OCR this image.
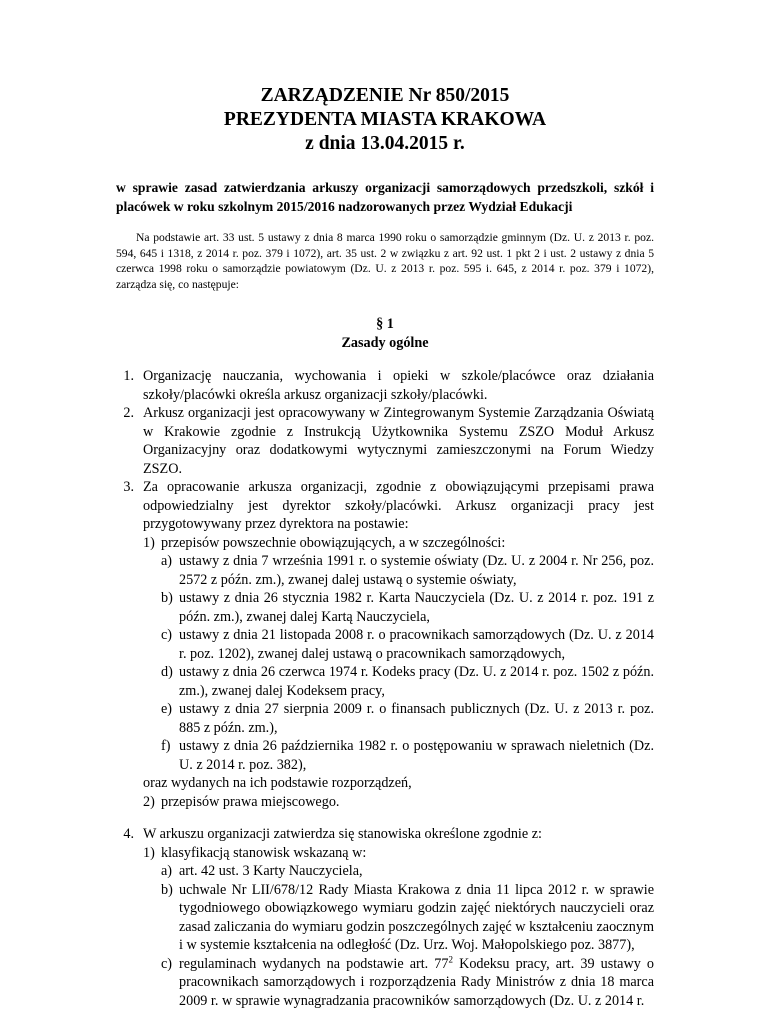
ZARZĄDZENIE Nr 850/2015
PREZYDENTA MIASTA KRAKOWA
z dnia 13.04.2015 r.

w sprawie zasad zatwierdzania arkuszy organizacji samorządowych przedszkoli, szkół i placówek w roku szkolnym 2015/2016 nadzorowanych przez Wydział Edukacji
Na podstawie art. 33 ust. 5 ustawy z dnia 8 marca 1990 roku o samorządzie gminnym (Dz. U. z 2013 r. poz. 594, 645 i 1318, z 2014 r. poz. 379 i 1072), art. 35 ust. 2 w związku z art. 92 ust. 1 pkt 2 i ust. 2 ustawy z dnia 5 czerwca 1998 roku o samorządzie powiatowym (Dz. U. z 2013 r. poz. 595 i. 645, z 2014 r. poz. 379 i 1072), zarządza się, co następuje:
§ 1
Zasady ogólne
1. Organizację nauczania, wychowania i opieki w szkole/placówce oraz działania szkoły/placówki określa arkusz organizacji szkoły/placówki.
2. Arkusz organizacji jest opracowywany w Zintegrowanym Systemie Zarządzania Oświatą w Krakowie zgodnie z Instrukcją Użytkownika Systemu ZSZO Moduł Arkusz Organizacyjny oraz dodatkowymi wytycznymi zamieszczonymi na Forum Wiedzy ZSZO.
3. Za opracowanie arkusza organizacji, zgodnie z obowiązującymi przepisami prawa odpowiedzialny jest dyrektor szkoły/placówki. Arkusz organizacji pracy jest przygotowywany przez dyrektora na postawie:
1) przepisów powszechnie obowiązujących, a w szczególności:
a) ustawy z dnia 7 września 1991 r. o systemie oświaty (Dz. U. z 2004 r. Nr 256, poz. 2572 z późn. zm.), zwanej dalej ustawą o systemie oświaty,
b) ustawy z dnia 26 stycznia 1982 r. Karta Nauczyciela (Dz. U. z 2014 r. poz. 191 z późn. zm.), zwanej dalej Kartą Nauczyciela,
c) ustawy z dnia 21 listopada 2008 r. o pracownikach samorządowych (Dz. U. z 2014 r. poz. 1202), zwanej dalej ustawą o pracownikach samorządowych,
d) ustawy z dnia 26 czerwca 1974 r. Kodeks pracy (Dz. U. z 2014 r. poz. 1502 z późn. zm.), zwanej dalej Kodeksem pracy,
e) ustawy z dnia 27 sierpnia 2009 r. o finansach publicznych (Dz. U. z 2013 r. poz. 885 z późn. zm.),
f) ustawy z dnia 26 października 1982 r. o postępowaniu w sprawach nieletnich (Dz. U. z 2014 r. poz. 382),
oraz wydanych na ich podstawie rozporządzeń,
2) przepisów prawa miejscowego.
4. W arkuszu organizacji zatwierdza się stanowiska określone zgodnie z:
1) klasyfikacją stanowisk wskazaną w:
a) art. 42 ust. 3 Karty Nauczyciela,
b) uchwale Nr LII/678/12 Rady Miasta Krakowa z dnia 11 lipca 2012 r. w sprawie tygodniowego obowiązkowego wymiaru godzin zajęć niektórych nauczycieli oraz zasad zaliczania do wymiaru godzin poszczególnych zajęć w kształceniu zaocznym i w systemie kształcenia na odległość (Dz. Urz. Woj. Małopolskiego poz. 3877),
c) regulaminach wydanych na podstawie art. $77^2$ Kodeksu pracy, art. 39 ustawy o pracownikach samorządowych i rozporządzenia Rady Ministrów z dnia 18 marca 2009 r. w sprawie wynagradzania pracowników samorządowych (Dz. U. z 2014 r.
